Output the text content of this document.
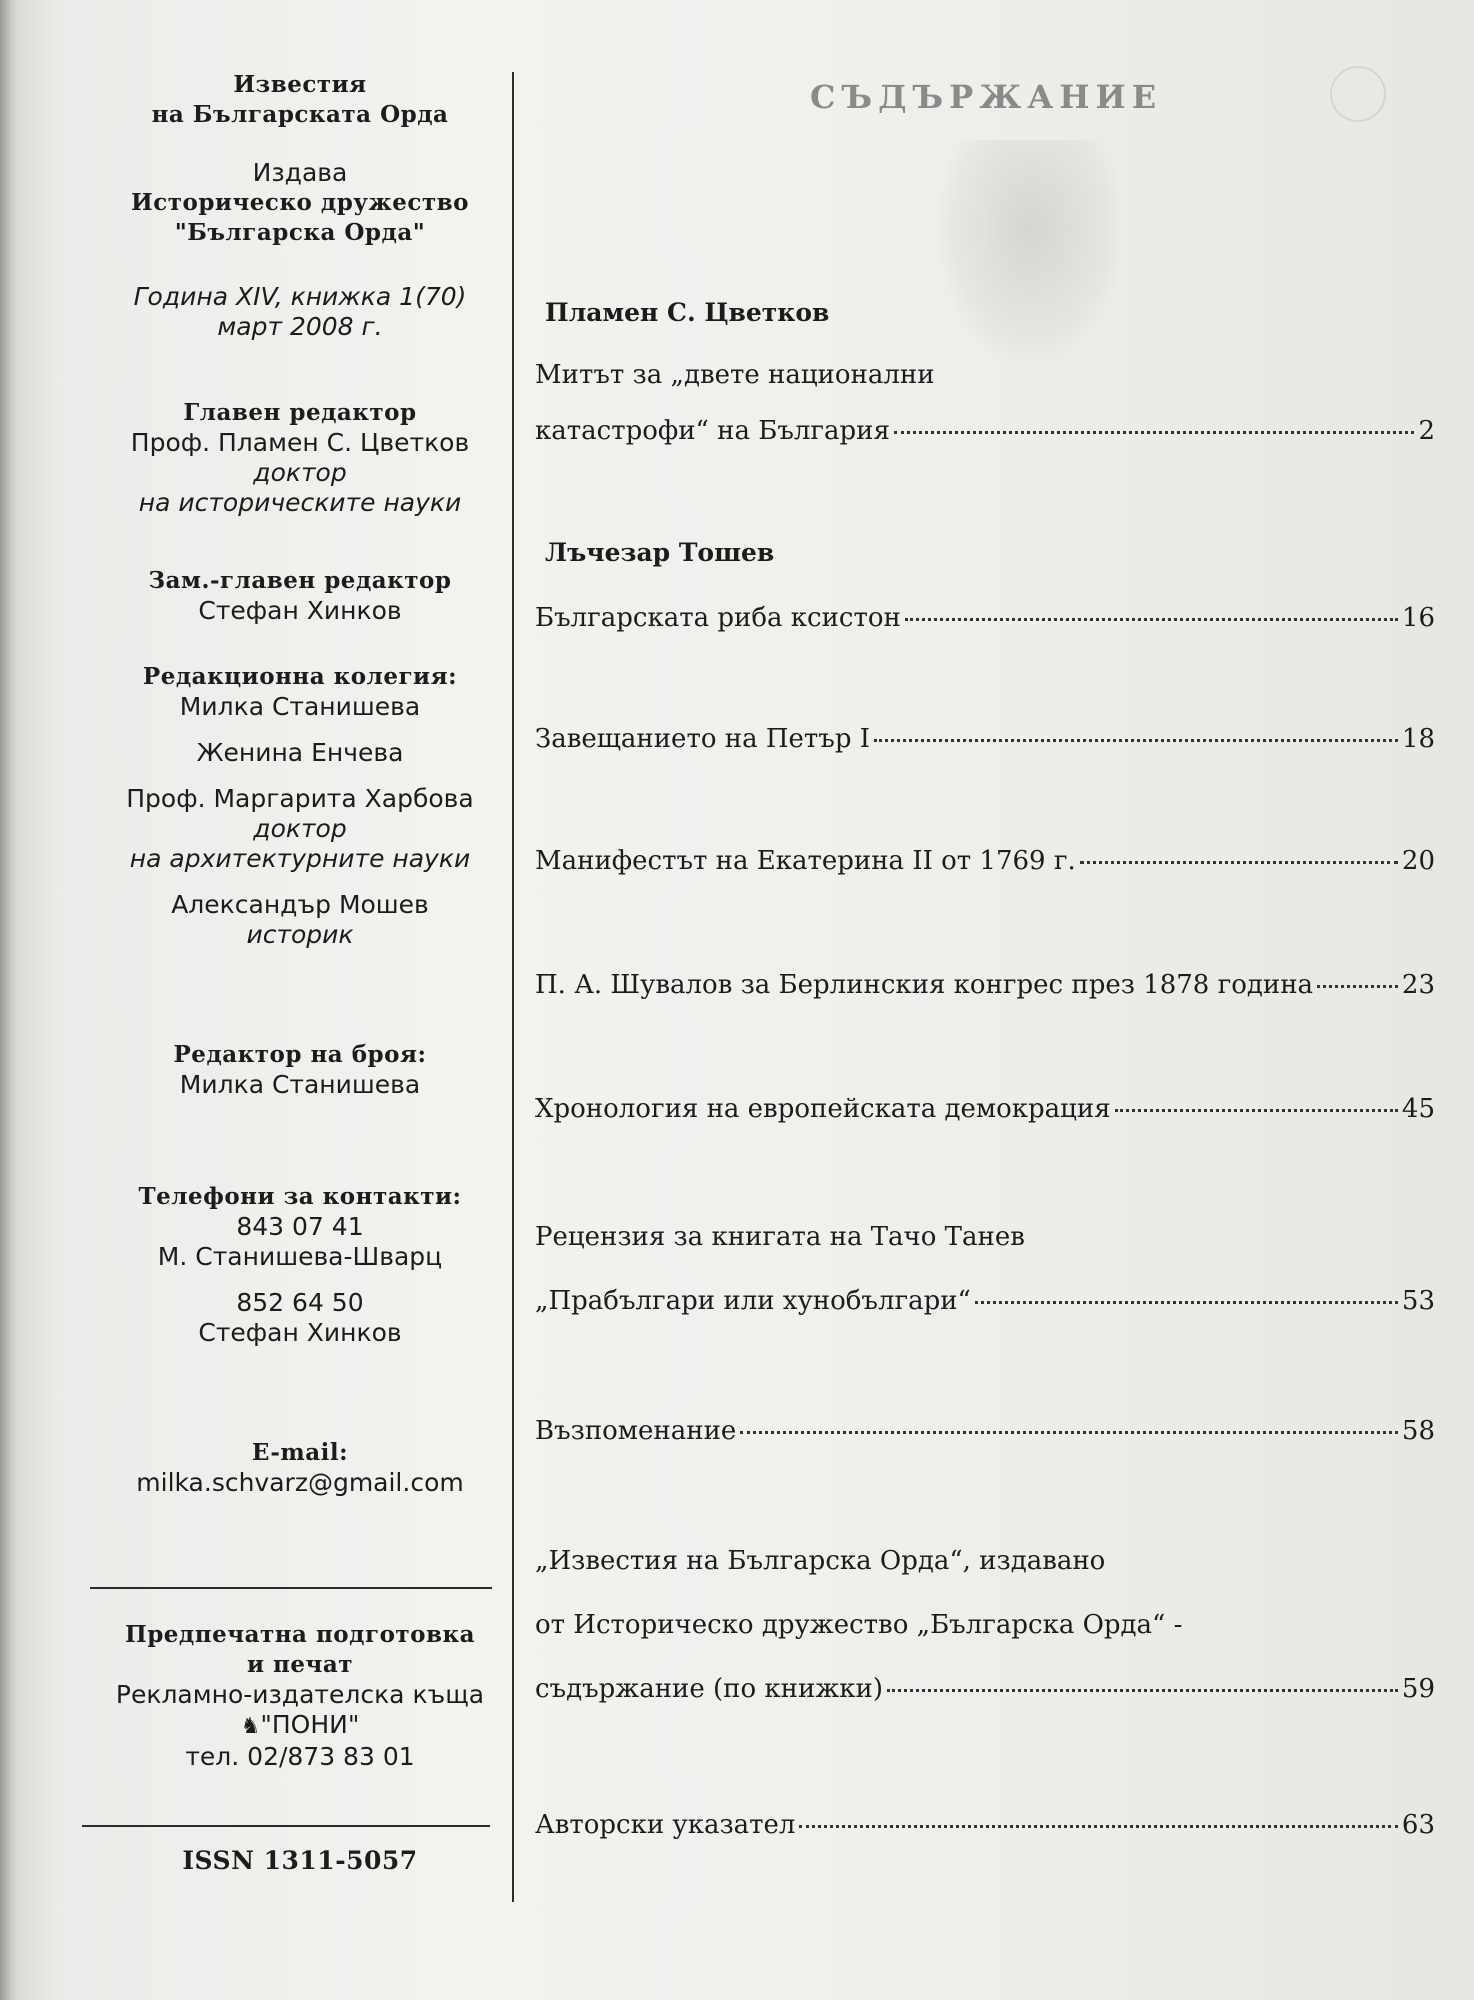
Известия
на Българската Орда
Издава
Историческо дружество
"Българска Орда"
Година XIV, книжка 1(70)
март 2008 г.
Главен редактор
Проф. Пламен С. Цветков
доктор
на историческите науки
Зам.-главен редактор
Стефан Хинков
Редакционна колегия:
Милка Станишева
Женина Енчева
Проф. Маргарита Харбова
доктор
на архитектурните науки
Александър Мошев
историк
Редактор на броя:
Милка Станишева
Телефони за контакти:
843 07 41
М. Станишева-Шварц
852 64 50
Стефан Хинков
E-mail:
milka.schvarz@gmail.com
Предпечатна подготовка
и печат
Рекламно-издателска къща
♞"ПОНИ"
тел. 02/873 83 01
ISSN 1311-5057
СЪДЪРЖАНИЕ
Пламен С. Цветков
Митът за „двете национални
катастрофи“ на България	2
Лъчезар Тошев
Българската риба ксистон	16
Завещанието на Петър I	18
Манифестът на Екатерина II от 1769 г.	20
П. А. Шувалов за Берлинския конгрес през 1878 година	23
Хронология на европейската демокрация	45
Рецензия за книгата на Тачо Танев
„Прабългари или хунобългари“	53
Възпоменание	58
„Известия на Българска Орда“, издавано
от Историческо дружество „Българска Орда“ -
съдържание (по книжки)	59
Авторски указател	63
